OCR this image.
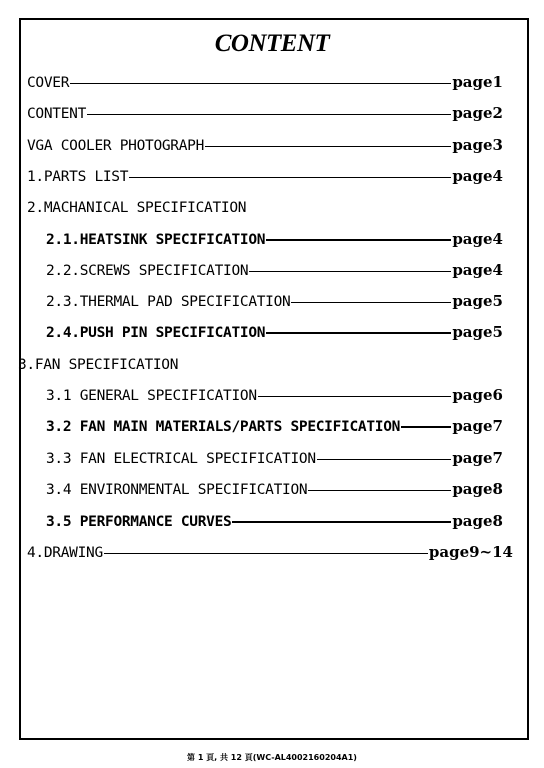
CONTENT
COVER	page1
CONTENT	page2
VGA COOLER PHOTOGRAPH	page3
1.PARTS LIST	page4
2.MACHANICAL SPECIFICATION
2.1.HEATSINK SPECIFICATION	page4
2.2.SCREWS SPECIFICATION	page4
2.3.THERMAL PAD SPECIFICATION	page5
2.4.PUSH PIN SPECIFICATION	page5
3.FAN SPECIFICATION
3.1 GENERAL SPECIFICATION	page6
3.2 FAN MAIN MATERIALS/PARTS SPECIFICATION	page7
3.3 FAN ELECTRICAL SPECIFICATION	page7
3.4 ENVIRONMENTAL SPECIFICATION	page8
3.5 PERFORMANCE CURVES	page8
4.DRAWING	page9~14
第 1 頁, 共 12 頁(WC-AL4002160204A1)
